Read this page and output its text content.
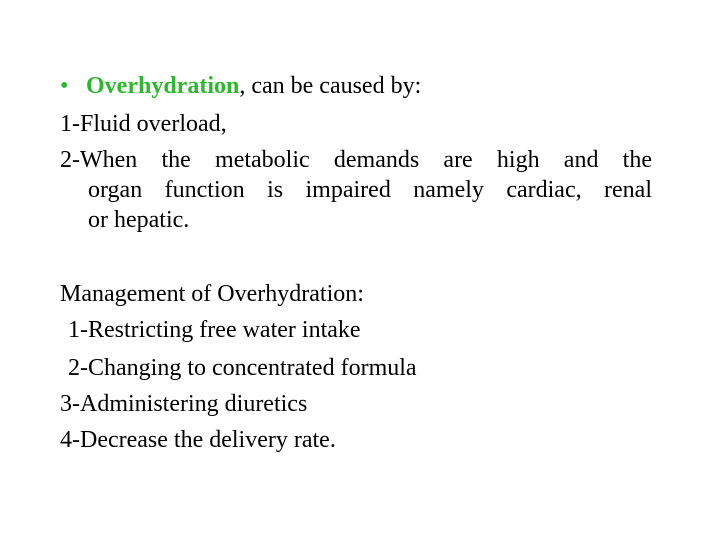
• Overhydration, can be caused by:
1-Fluid overload,
2-When the metabolic demands are high and the
organ function is impaired namely cardiac, renal
or hepatic.
Management of Overhydration:
1-Restricting free water intake
2-Changing to concentrated formula
3-Administering diuretics
4-Decrease the delivery rate.
